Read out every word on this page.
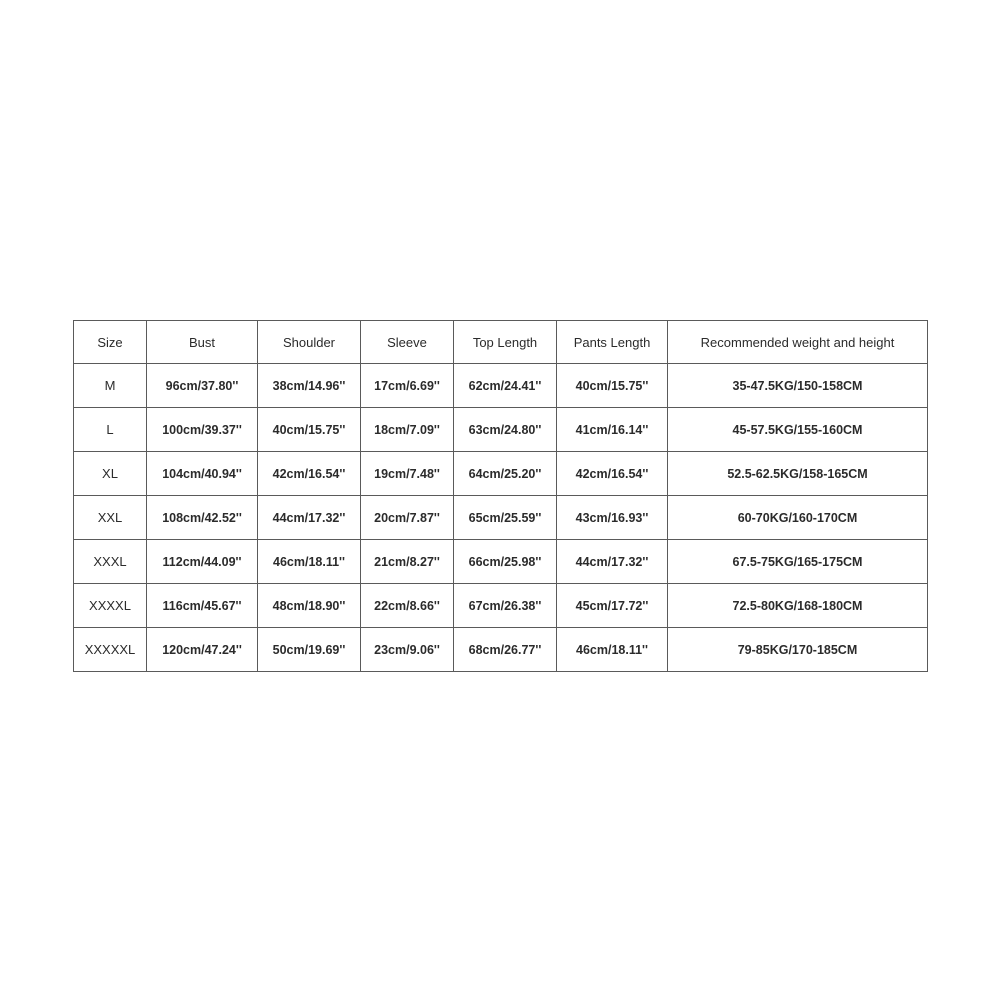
Size	Bust	Shoulder	Sleeve	Top Length	Pants Length	Recommended weight and height
M	96cm/37.80''	38cm/14.96''	17cm/6.69''	62cm/24.41''	40cm/15.75''	35-47.5KG/150-158CM
L	100cm/39.37''	40cm/15.75''	18cm/7.09''	63cm/24.80''	41cm/16.14''	45-57.5KG/155-160CM
XL	104cm/40.94''	42cm/16.54''	19cm/7.48''	64cm/25.20''	42cm/16.54''	52.5-62.5KG/158-165CM
XXL	108cm/42.52''	44cm/17.32''	20cm/7.87''	65cm/25.59''	43cm/16.93''	60-70KG/160-170CM
XXXL	112cm/44.09''	46cm/18.11''	21cm/8.27''	66cm/25.98''	44cm/17.32''	67.5-75KG/165-175CM
XXXXL	116cm/45.67''	48cm/18.90''	22cm/8.66''	67cm/26.38''	45cm/17.72''	72.5-80KG/168-180CM
XXXXXL	120cm/47.24''	50cm/19.69''	23cm/9.06''	68cm/26.77''	46cm/18.11''	79-85KG/170-185CM
